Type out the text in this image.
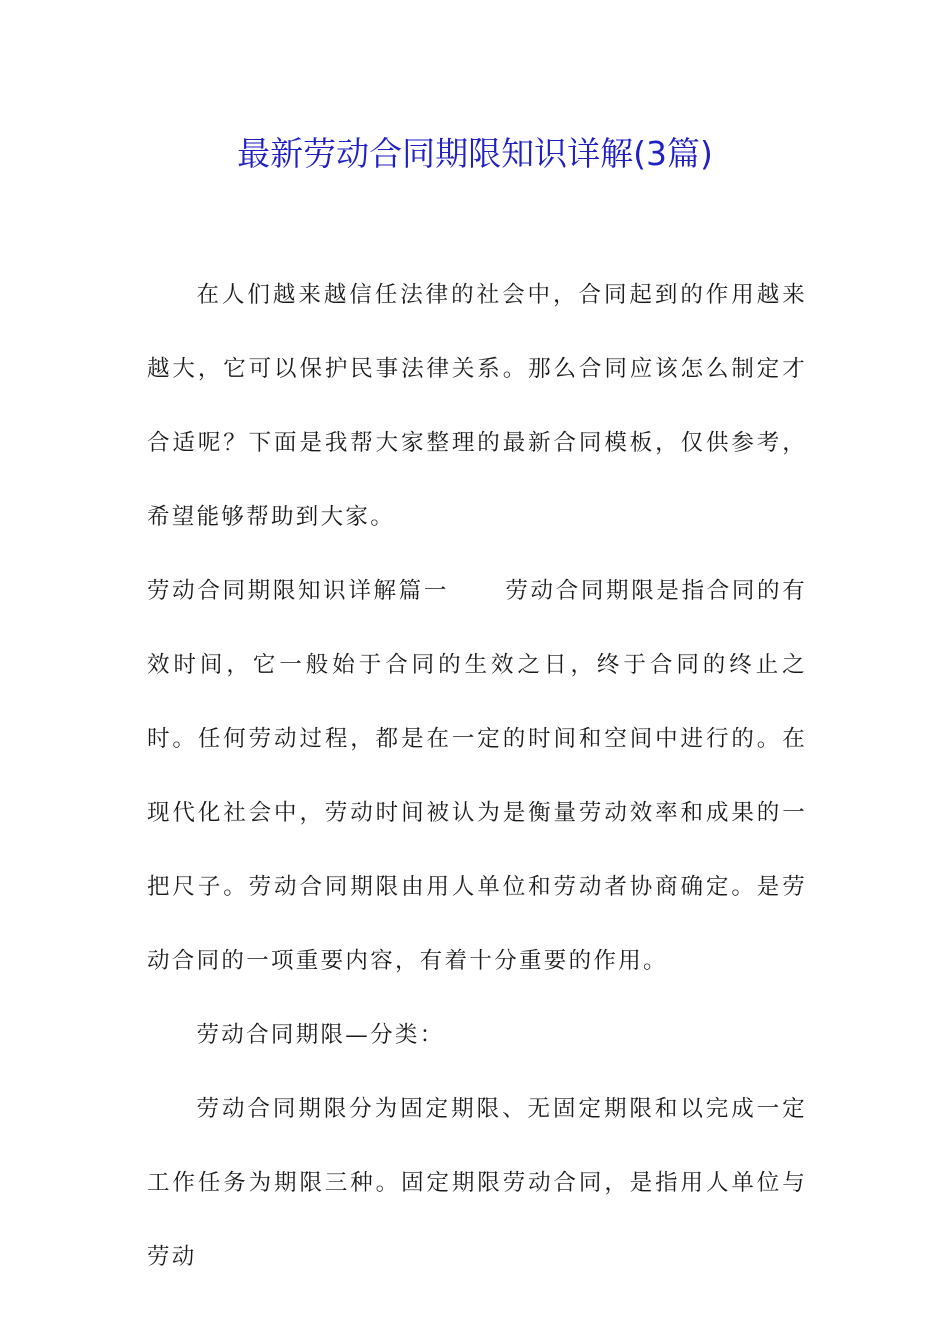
最新劳动合同期限知识详解(3篇)

在人们越来越信任法律的社会中，合同起到的作用越来越大，它可以保护民事法律关系。那么合同应该怎么制定才合适呢？下面是我帮大家整理的最新合同模板，仅供参考，希望能够帮助到大家。

劳动合同期限知识详解篇一 劳动合同期限是指合同的有效时间，它一般始于合同的生效之日，终于合同的终止之时。任何劳动过程，都是在一定的时间和空间中进行的。在现代化社会中，劳动时间被认为是衡量劳动效率和成果的一把尺子。劳动合同期限由用人单位和劳动者协商确定。是劳动合同的一项重要内容，有着十分重要的作用。

劳动合同期限—分类：

劳动合同期限分为固定期限、无固定期限和以完成一定工作任务为期限三种。固定期限劳动合同，是指用人单位与劳动
